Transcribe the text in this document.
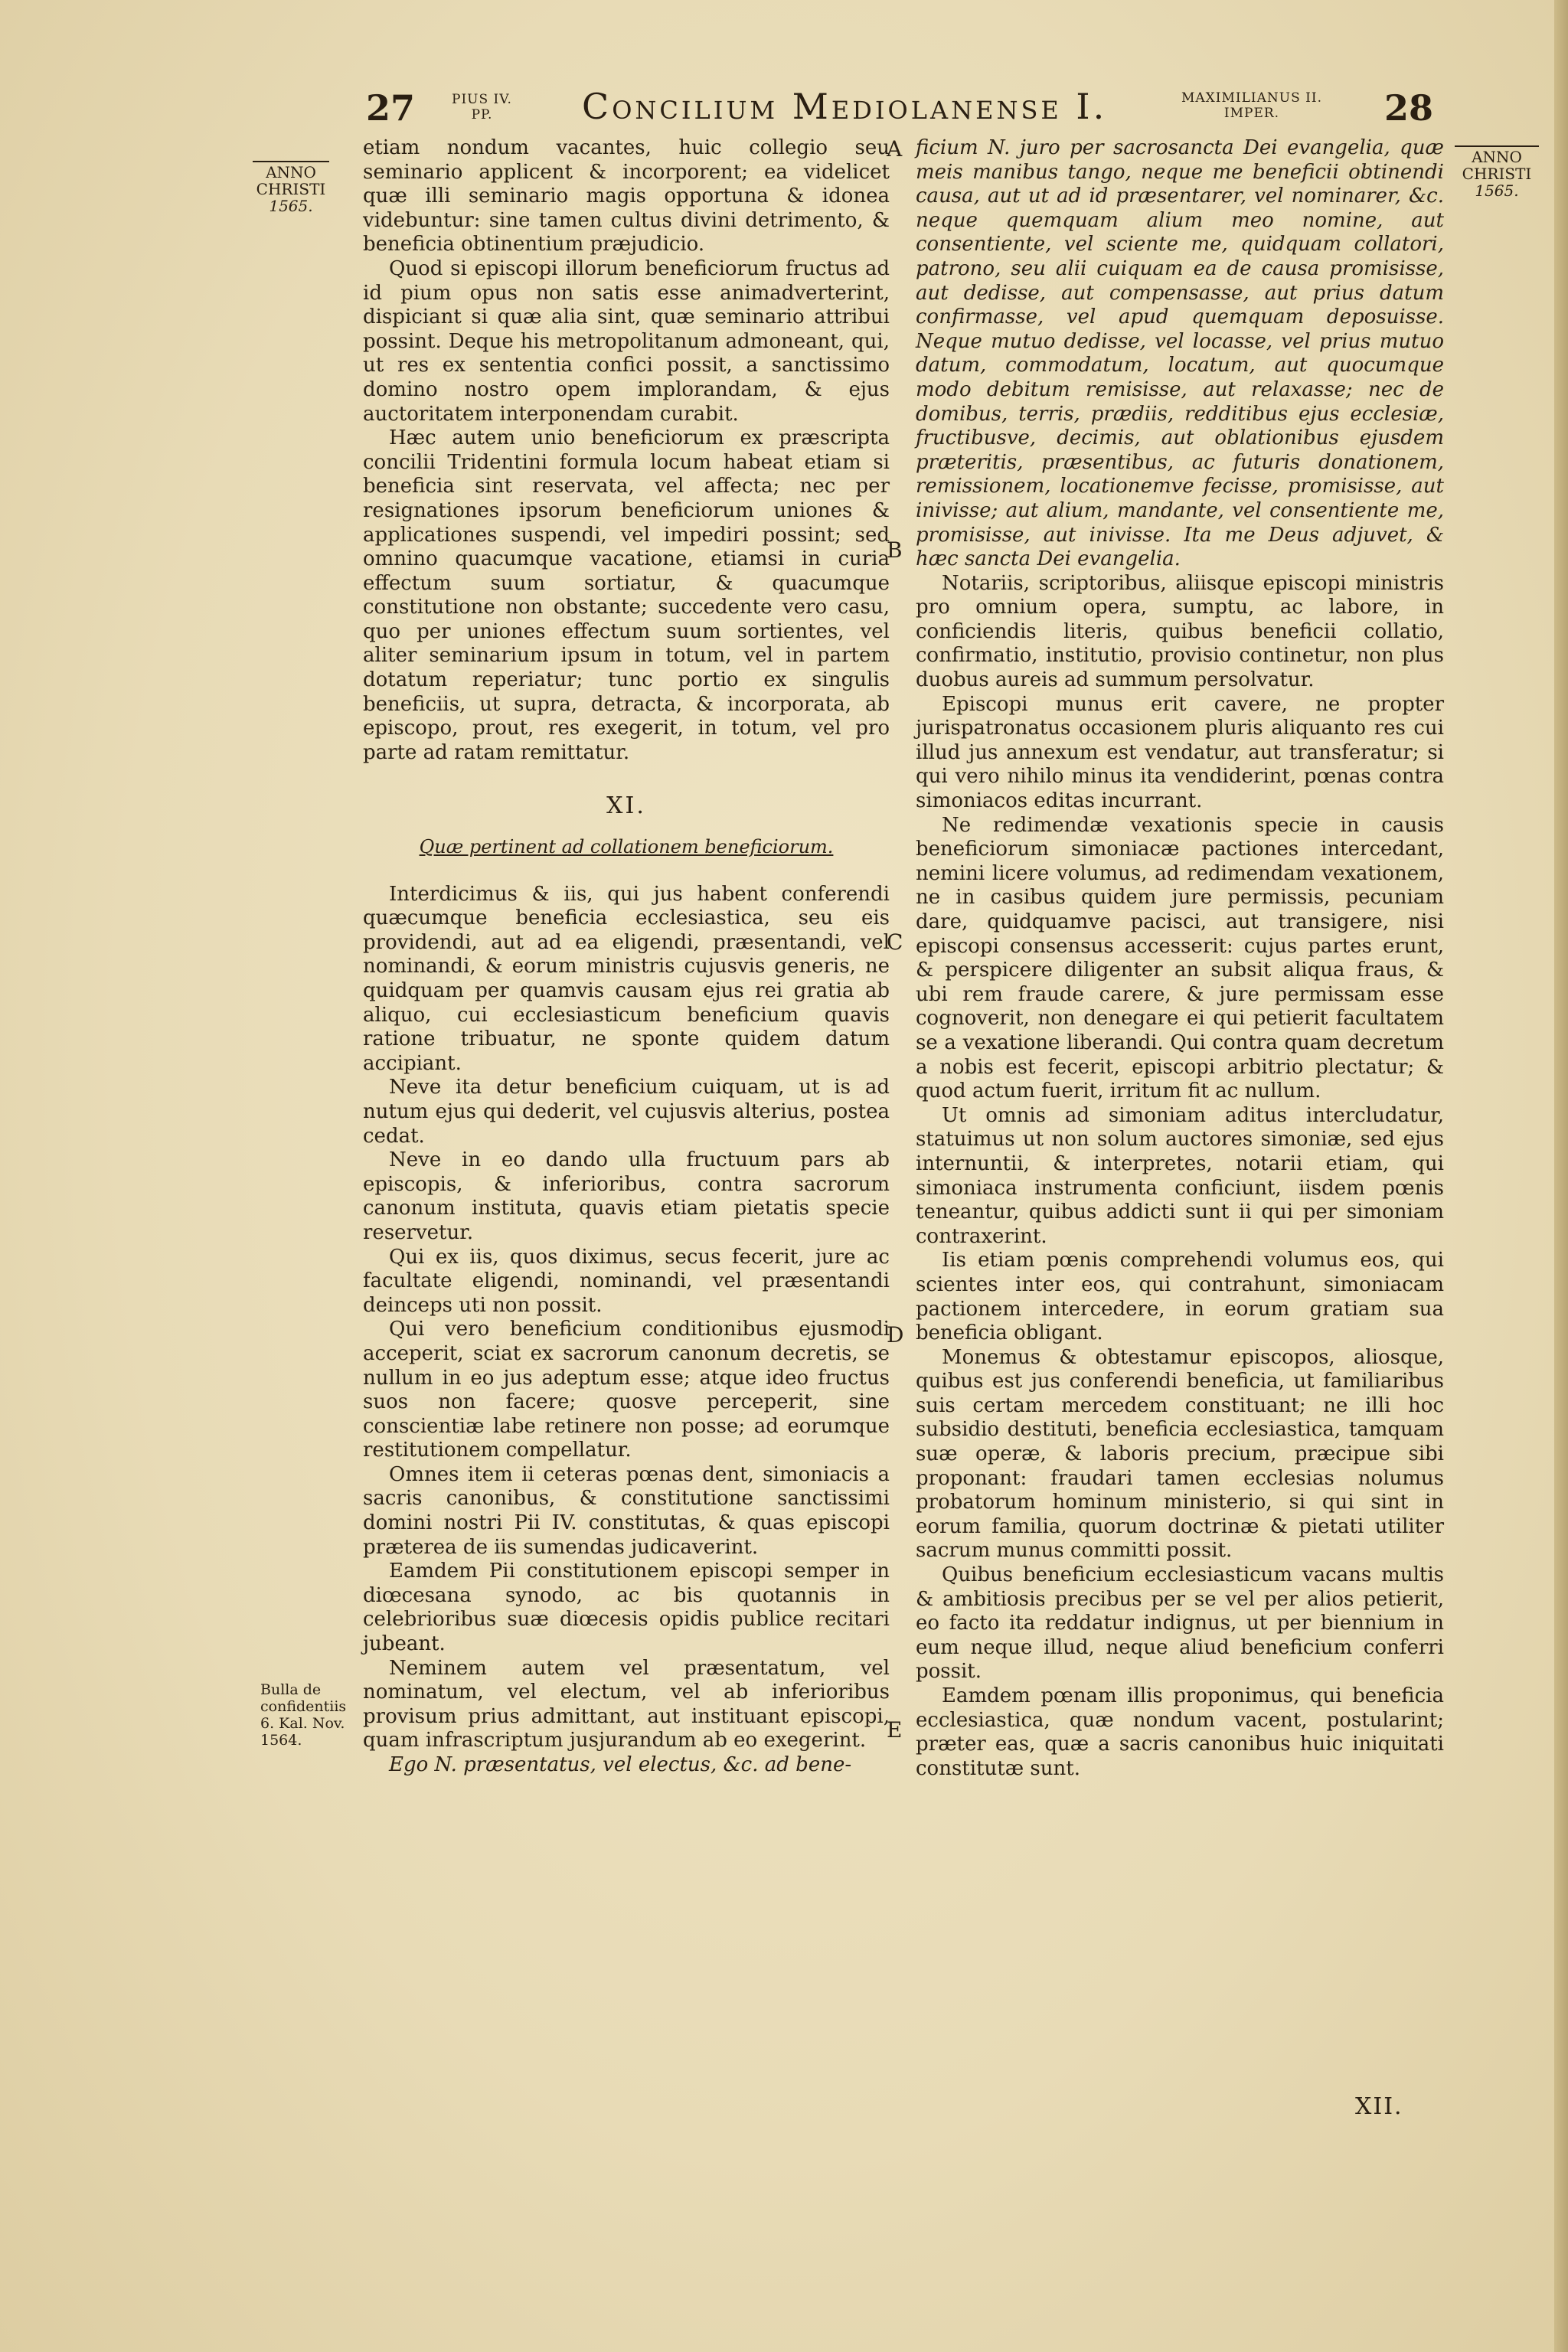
27	PIUS IV.
PP.	Concilium Mediolanense I.	MAXIMILIANUS II.
IMPER.	28
ANNO
CHRISTI
1565.
ANNO
CHRISTI
1565.
A
B
C
D
E
Bulla de confidentiis 6. Kal. Nov. 1564.

etiam nondum vacantes, huic collegio seu seminario applicent & incorporent; ea videlicet quæ illi seminario magis opportuna & idonea videbuntur: sine tamen cultus divini detrimento, & beneficia obtinentium præjudicio.

Quod si episcopi illorum beneficiorum fructus ad id pium opus non satis esse animadverterint, dispiciant si quæ alia sint, quæ seminario attribui possint. Deque his metropolitanum admoneant, qui, ut res ex sententia confici possit, a sanctissimo domino nostro opem implorandam, & ejus auctoritatem interponendam curabit.

Hæc autem unio beneficiorum ex præscripta concilii Tridentini formula locum habeat etiam si beneficia sint reservata, vel affecta; nec per resignationes ipsorum beneficiorum uniones & applicationes suspendi, vel impediri possint; sed omnino quacumque vacatione, etiamsi in curia effectum suum sortiatur, & quacumque constitutione non obstante; succedente vero casu, quo per uniones effectum suum sortientes, vel aliter seminarium ipsum in totum, vel in partem dotatum reperiatur; tunc portio ex singulis beneficiis, ut supra, detracta, & incorporata, ab episcopo, prout, res exegerit, in totum, vel pro parte ad ratam remittatur.

XI.
Quæ pertinent ad collationem beneficiorum.

Interdicimus & iis, qui jus habent conferendi quæcumque beneficia ecclesiastica, seu eis providendi, aut ad ea eligendi, præsentandi, vel nominandi, & eorum ministris cujusvis generis, ne quidquam per quamvis causam ejus rei gratia ab aliquo, cui ecclesiasticum beneficium quavis ratione tribuatur, ne sponte quidem datum accipiant.

Neve ita detur beneficium cuiquam, ut is ad nutum ejus qui dederit, vel cujusvis alterius, postea cedat.

Neve in eo dando ulla fructuum pars ab episcopis, & inferioribus, contra sacrorum canonum instituta, quavis etiam pietatis specie reservetur.

Qui ex iis, quos diximus, secus fecerit, jure ac facultate eligendi, nominandi, vel præsentandi deinceps uti non possit.

Qui vero beneficium conditionibus ejusmodi acceperit, sciat ex sacrorum canonum decretis, se nullum in eo jus adeptum esse; atque ideo fructus suos non facere; quosve perceperit, sine conscientiæ labe retinere non posse; ad eorumque restitutionem compellatur.

Omnes item ii ceteras pœnas dent, simoniacis a sacris canonibus, & constitutione sanctissimi domini nostri Pii IV. constitutas, & quas episcopi præterea de iis sumendas judicaverint.

Eamdem Pii constitutionem episcopi semper in diœcesana synodo, ac bis quotannis in celebrioribus suæ diœcesis opidis publice recitari jubeant.

Neminem autem vel præsentatum, vel nominatum, vel electum, vel ab inferioribus provisum prius admittant, aut instituant episcopi, quam infrascriptum jusjurandum ab eo exegerint.

Ego N. præsentatus, vel electus, &c. ad bene-

ficium N. juro per sacrosancta Dei evangelia, quæ meis manibus tango, neque me beneficii obtinendi causa, aut ut ad id præsentarer, vel nominarer, &c. neque quemquam alium meo nomine, aut consentiente, vel sciente me, quidquam collatori, patrono, seu alii cuiquam ea de causa promisisse, aut dedisse, aut compensasse, aut prius datum confirmasse, vel apud quemquam deposuisse. Neque mutuo dedisse, vel locasse, vel prius mutuo datum, commodatum, locatum, aut quocumque modo debitum remisisse, aut relaxasse; nec de domibus, terris, prædiis, redditibus ejus ecclesiæ, fructibusve, decimis, aut oblationibus ejusdem præteritis, præsentibus, ac futuris donationem, remissionem, locationemve fecisse, promisisse, aut inivisse; aut alium, mandante, vel consentiente me, promisisse, aut inivisse. Ita me Deus adjuvet, & hæc sancta Dei evangelia.

Notariis, scriptoribus, aliisque episcopi ministris pro omnium opera, sumptu, ac labore, in conficiendis literis, quibus beneficii collatio, confirmatio, institutio, provisio continetur, non plus duobus aureis ad summum persolvatur.

Episcopi munus erit cavere, ne propter jurispatronatus occasionem pluris aliquanto res cui illud jus annexum est vendatur, aut transferatur; si qui vero nihilo minus ita vendiderint, pœnas contra simoniacos editas incurrant.

Ne redimendæ vexationis specie in causis beneficiorum simoniacæ pactiones intercedant, nemini licere volumus, ad redimendam vexationem, ne in casibus quidem jure permissis, pecuniam dare, quidquamve pacisci, aut transigere, nisi episcopi consensus accesserit: cujus partes erunt, & perspicere diligenter an subsit aliqua fraus, & ubi rem fraude carere, & jure permissam esse cognoverit, non denegare ei qui petierit facultatem se a vexatione liberandi. Qui contra quam decretum a nobis est fecerit, episcopi arbitrio plectatur; & quod actum fuerit, irritum fit ac nullum.

Ut omnis ad simoniam aditus intercludatur, statuimus ut non solum auctores simoniæ, sed ejus internuntii, & interpretes, notarii etiam, qui simoniaca instrumenta conficiunt, iisdem pœnis teneantur, quibus addicti sunt ii qui per simoniam contraxerint.

Iis etiam pœnis comprehendi volumus eos, qui scientes inter eos, qui contrahunt, simoniacam pactionem intercedere, in eorum gratiam sua beneficia obligant.

Monemus & obtestamur episcopos, aliosque, quibus est jus conferendi beneficia, ut familiaribus suis certam mercedem constituant; ne illi hoc subsidio destituti, beneficia ecclesiastica, tamquam suæ operæ, & laboris precium, præcipue sibi proponant: fraudari tamen ecclesias nolumus probatorum hominum ministerio, si qui sint in eorum familia, quorum doctrinæ & pietati utiliter sacrum munus committi possit.

Quibus beneficium ecclesiasticum vacans multis & ambitiosis precibus per se vel per alios petierit, eo facto ita reddatur indignus, ut per biennium in eum neque illud, neque aliud beneficium conferri possit.

Eamdem pœnam illis proponimus, qui beneficia ecclesiastica, quæ nondum vacent, postularint; præter eas, quæ a sacris canonibus huic iniquitati constitutæ sunt.

XII.
